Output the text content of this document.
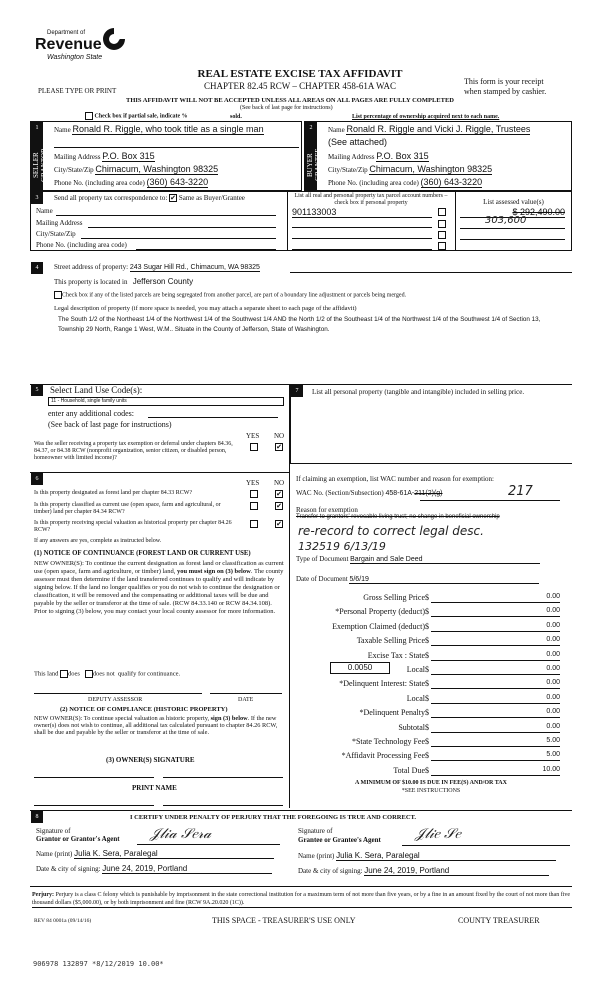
Department of
Revenue
Washington State
PLEASE TYPE OR PRINT
REAL ESTATE EXCISE TAX AFFIDAVIT
CHAPTER 82.45 RCW – CHAPTER 458-61A WAC	This form is your receipt
when stamped by cashier.
THIS AFFIDAVIT WILL NOT BE ACCEPTED UNLESS ALL AREAS ON ALL PAGES ARE FULLY COMPLETED
(See back of last page for instructions)
Check box if partial sale, indicate %	sold.	List percentage of ownership acquired next to each name.
1
SELLER GRANTOR
Name Ronald R. Riggle, who took title as a single man
Mailing Address P.O. Box 315
City/State/Zip Chimacum, Washington 98325
Phone No. (including area code) (360) 643-3220
2
BUYER GRANTEE
Name Ronald R. Riggle and Vicki J. Riggle, Trustees
(See attached)
Mailing Address P.O. Box 315
City/State/Zip Chimacum, Washington 98325
Phone No. (including area code) (360) 643-3220
3	Send all property tax correspondence to: ✔ Same as Buyer/Grantee
Name
Mailing Address
City/State/Zip
Phone No. (including area code)
List all real and personal property tax parcel account numbers – check box if personal property
901133003
List assessed value(s)
$ 292,490.00
303,600
4	Street address of property: 243 Sugar Hill Rd., Chimacum, WA 98325
This property is located in Jefferson County
Check box if any of the listed parcels are being segregated from another parcel, are part of a boundary line adjustment or parcels being merged.
Legal description of property (if more space is needed, you may attach a separate sheet to each page of the affidavit)
The South 1/2 of the Northeast 1/4 of the Northwest 1/4 of the Southwest 1/4 AND the North 1/2 of the Southeast 1/4 of the Northwest 1/4 of the Southwest 1/4 of Section 13, Township 29 North, Range 1 West, W.M.. Situate in the County of Jefferson, State of Washington.
5	Select Land Use Code(s):
11 - Household, single family units
enter any additional codes:
(See back of last page for instructions)
YES NO
Was the seller receiving a property tax exemption or deferral under chapters 84.36, 84.37, or 84.38 RCW (nonprofit organization, senior citizen, or disabled person, homeowner with limited income)?
✔
6	YES NO
Is this property designated as forest land per chapter 84.33 RCW?	✔
Is this property classified as current use (open space, farm and agricultural, or timber) land per chapter 84.34 RCW?
✔
Is this property receiving special valuation as historical property per chapter 84.26 RCW?
✔
If any answers are yes, complete as instructed below.
(1) NOTICE OF CONTINUANCE (FOREST LAND OR CURRENT USE)
NEW OWNER(S): To continue the current designation as forest land or classification as current use (open space, farm and agriculture, or timber) land, you must sign on (3) below. The county assessor must then determine if the land transferred continues to qualify and will indicate by signing below. If the land no longer qualifies or you do not wish to continue the designation or classification, it will be removed and the compensating or additional taxes will be due and payable by the seller or transferor at the time of sale. (RCW 84.33.140 or RCW 84.34.108). Prior to signing (3) below, you may contact your local county assessor for more information.
This land does does not qualify for continuance.
DEPUTY ASSESSOR	DATE
(2) NOTICE OF COMPLIANCE (HISTORIC PROPERTY)
NEW OWNER(S): To continue special valuation as historic property, sign (3) below. If the new owner(s) does not wish to continue, all additional tax calculated pursuant to chapter 84.26 RCW, shall be due and payable by the seller or transferor at the time of sale.
(3) OWNER(S) SIGNATURE
PRINT NAME
7	List all personal property (tangible and intangible) included in selling price.
If claiming an exemption, list WAC number and reason for exemption:
WAC No. (Section/Subsection) 458-61A-211(2)(g)	217
Reason for exemption
Transfer to grantors' revocable living trust; no change in beneficial ownership
re-record to correct legal desc.
132519 6/13/19
Type of Document Bargain and Sale Deed
Date of Document 5/6/19
Gross Selling Price $	0.00
*Personal Property (deduct) $	0.00
Exemption Claimed (deduct) $	0.00
Taxable Selling Price $	0.00
Excise Tax : State $	0.00
Local $	0.00
*Delinquent Interest: State $	0.00
Local $	0.00
*Delinquent Penalty $	0.00
Subtotal $	0.00
*State Technology Fee $	5.00
*Affidavit Processing Fee $	5.00
Total Due $	10.00
0.0050
A MINIMUM OF $10.00 IS DUE IN FEE(S) AND/OR TAX
*SEE INSTRUCTIONS
8	I CERTIFY UNDER PENALTY OF PERJURY THAT THE FOREGOING IS TRUE AND CORRECT.
Signature of
Grantor or Grantor's Agent 𝒥𝓁𝒾𝒶 𝒮𝑒𝓇𝒶
Name (print) Julia K. Sera, Paralegal
Date & city of signing: June 24, 2019, Portland
Signature of
Grantee or Grantee's Agent 𝒥𝓁𝒾𝑒 𝒮𝑒
Name (print) Julia K. Sera, Paralegal
Date & city of signing: June 24, 2019, Portland
Perjury: Perjury is a class C felony which is punishable by imprisonment in the state correctional institution for a maximum term of not more than five years, or by a fine in an amount fixed by the court of not more than five thousand dollars ($5,000.00), or by both imprisonment and fine (RCW 9A.20.020 (1C)).
REV 84 0001a (09/14/16)	THIS SPACE - TREASURER'S USE ONLY	COUNTY TREASURER
906978 132897 *8/12/2019 10.00*
